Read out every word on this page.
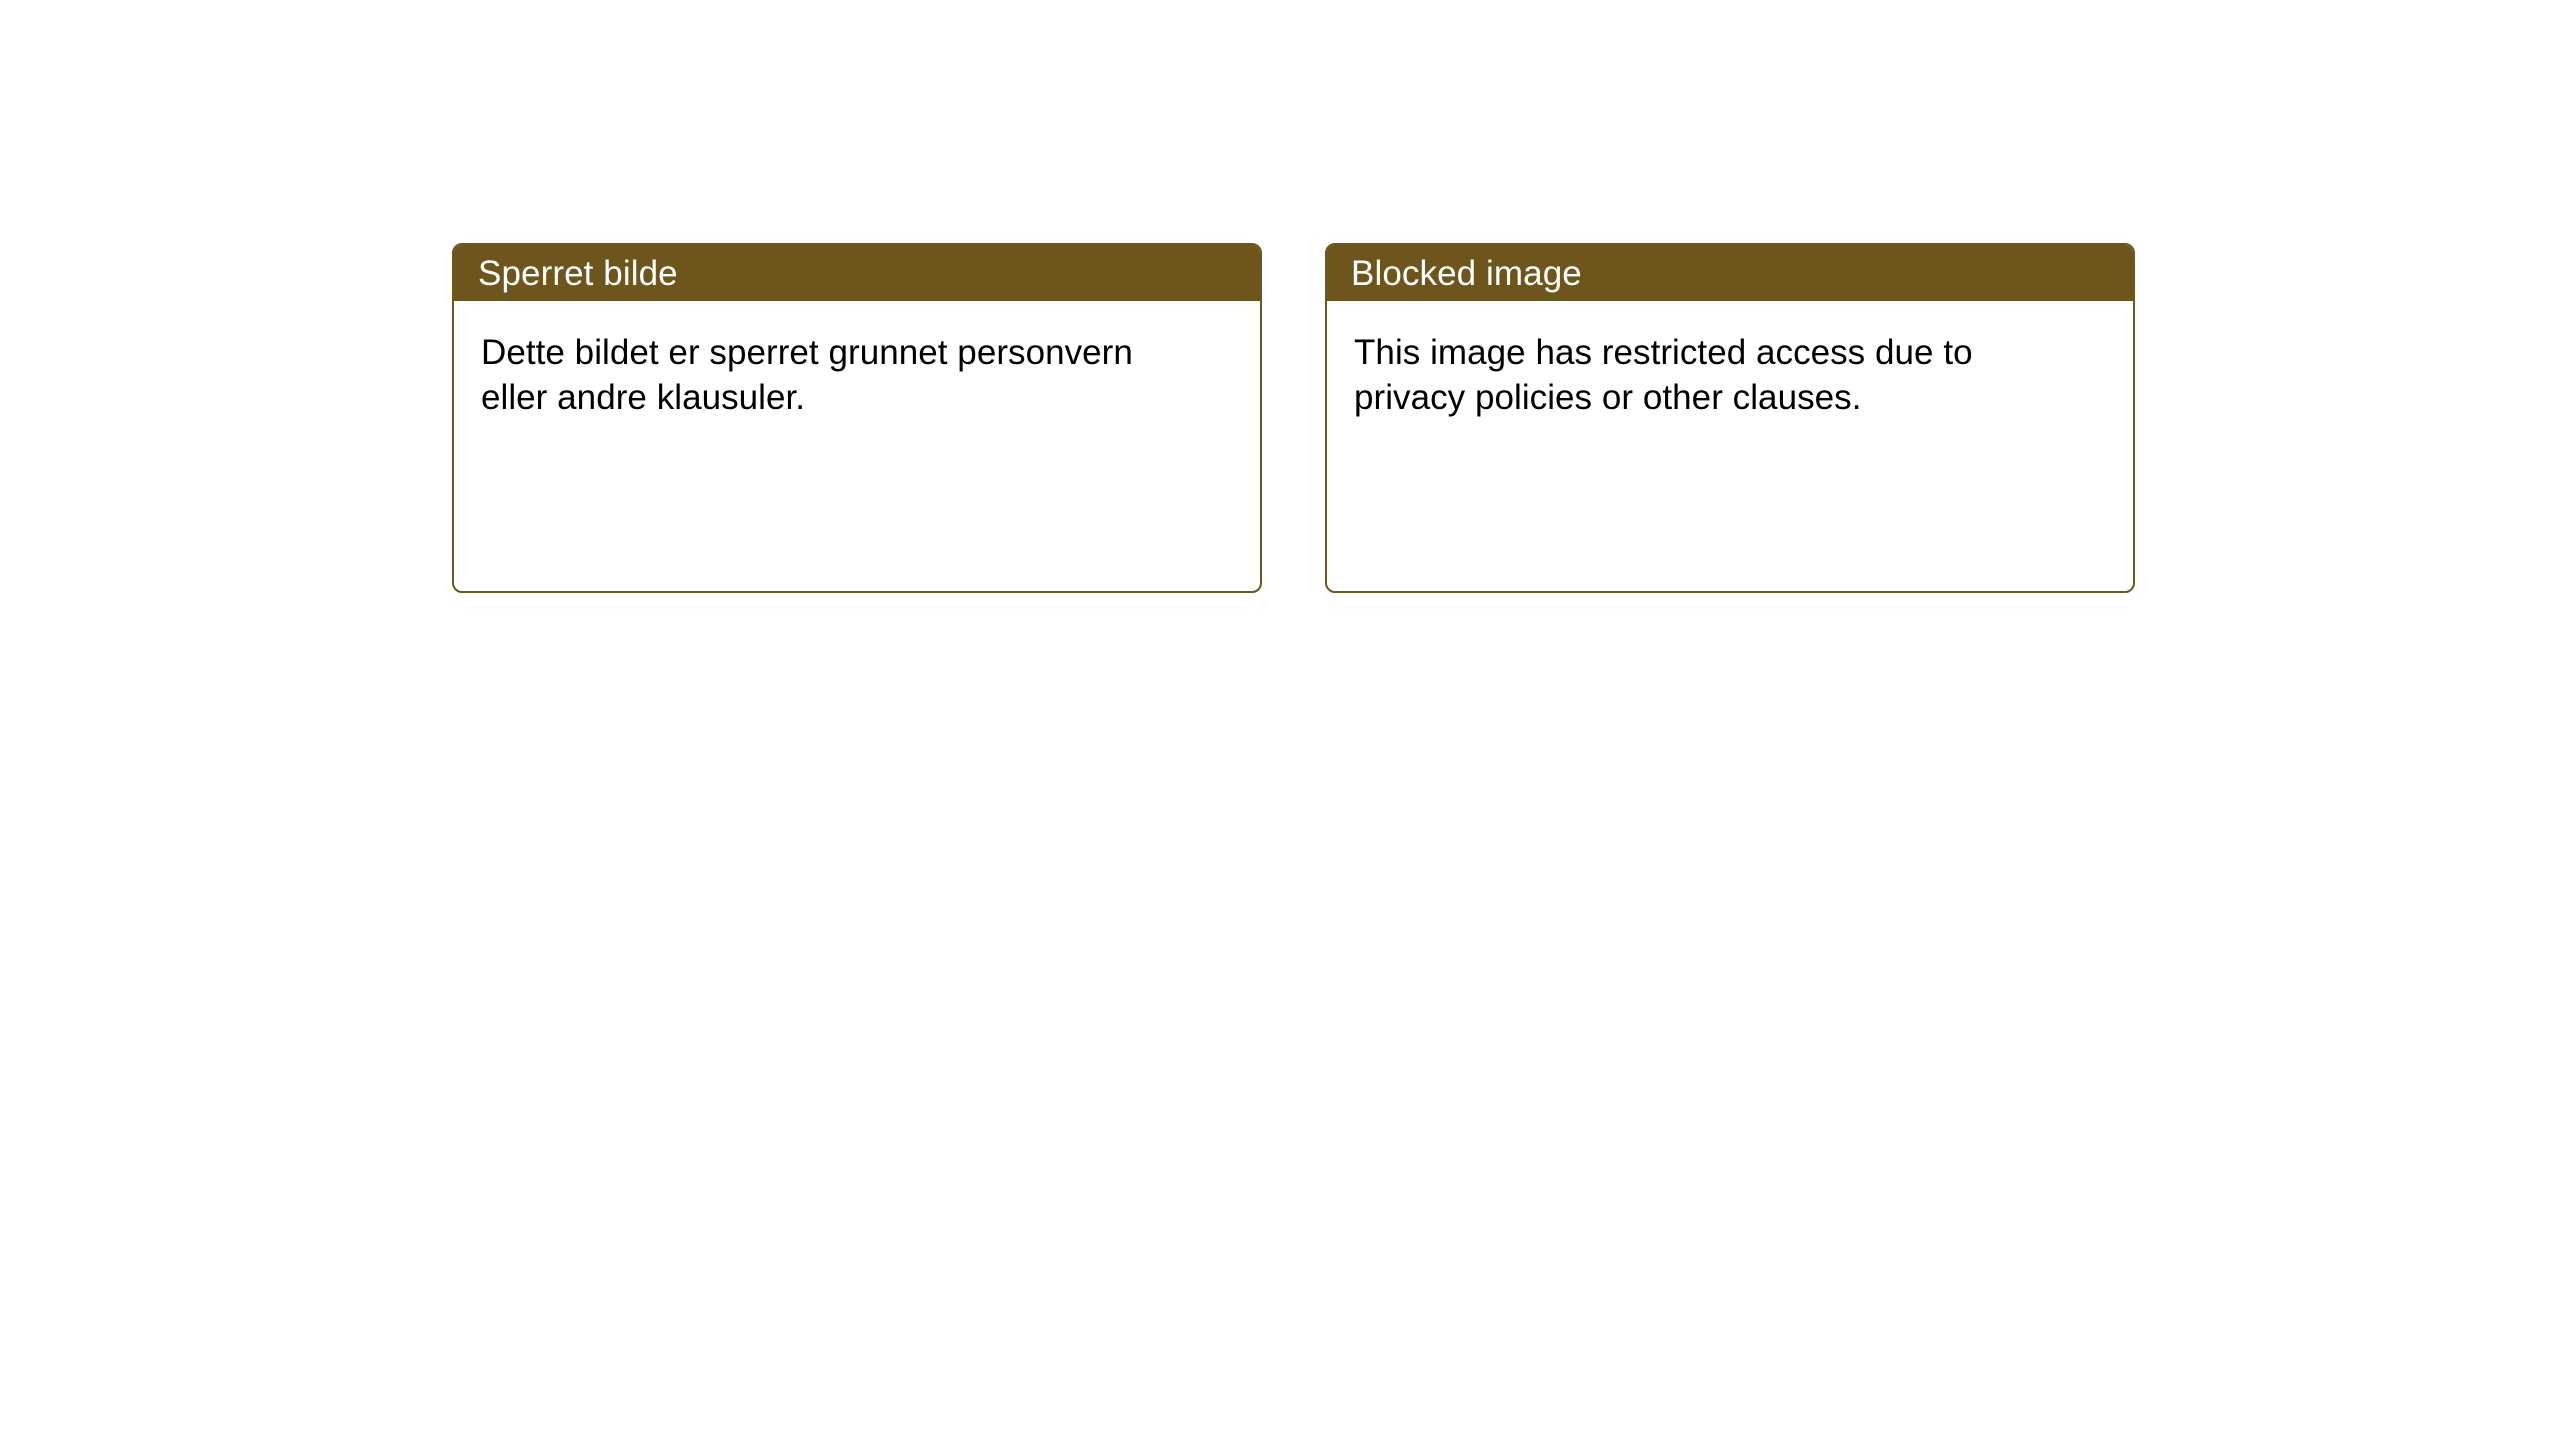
Sperret bilde

Dette bildet er sperret grunnet personvern eller andre klausuler.

Blocked image

This image has restricted access due to privacy policies or other clauses.
